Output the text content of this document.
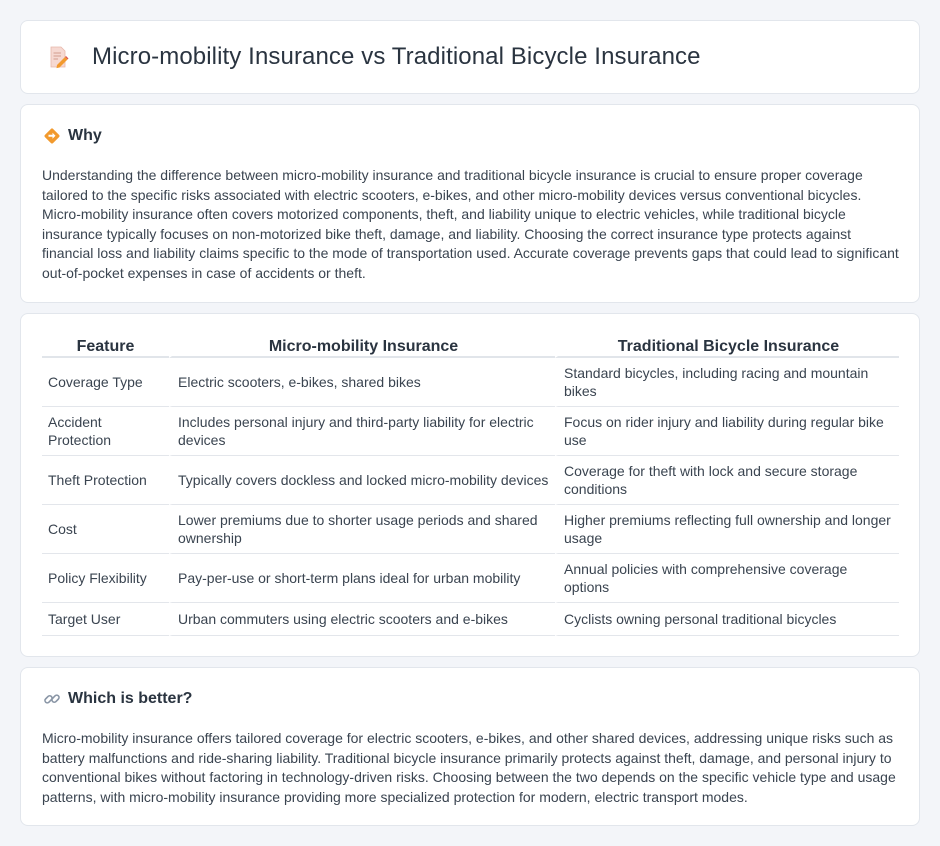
Micro-mobility Insurance vs Traditional Bicycle Insurance
Why

Understanding the difference between micro-mobility insurance and traditional bicycle insurance is crucial to ensure proper coverage tailored to the specific risks associated with electric scooters, e-bikes, and other micro-mobility devices versus conventional bicycles. Micro-mobility insurance often covers motorized components, theft, and liability unique to electric vehicles, while traditional bicycle insurance typically focuses on non-motorized bike theft, damage, and liability. Choosing the correct insurance type protects against financial loss and liability claims specific to the mode of transportation used. Accurate coverage prevents gaps that could lead to significant out-of-pocket expenses in case of accidents or theft.

Feature	Micro-mobility Insurance	Traditional Bicycle Insurance
Coverage Type	Electric scooters, e-bikes, shared bikes	Standard bicycles, including racing and mountain bikes
Accident Protection	Includes personal injury and third-party liability for electric devices	Focus on rider injury and liability during regular bike use
Theft Protection	Typically covers dockless and locked micro-mobility devices	Coverage for theft with lock and secure storage conditions
Cost	Lower premiums due to shorter usage periods and shared ownership	Higher premiums reflecting full ownership and longer usage
Policy Flexibility	Pay-per-use or short-term plans ideal for urban mobility	Annual policies with comprehensive coverage options
Target User	Urban commuters using electric scooters and e-bikes	Cyclists owning personal traditional bicycles
Which is better?

Micro-mobility insurance offers tailored coverage for electric scooters, e-bikes, and other shared devices, addressing unique risks such as battery malfunctions and ride-sharing liability. Traditional bicycle insurance primarily protects against theft, damage, and personal injury to conventional bikes without factoring in technology-driven risks. Choosing between the two depends on the specific vehicle type and usage patterns, with micro-mobility insurance providing more specialized protection for modern, electric transport modes.
